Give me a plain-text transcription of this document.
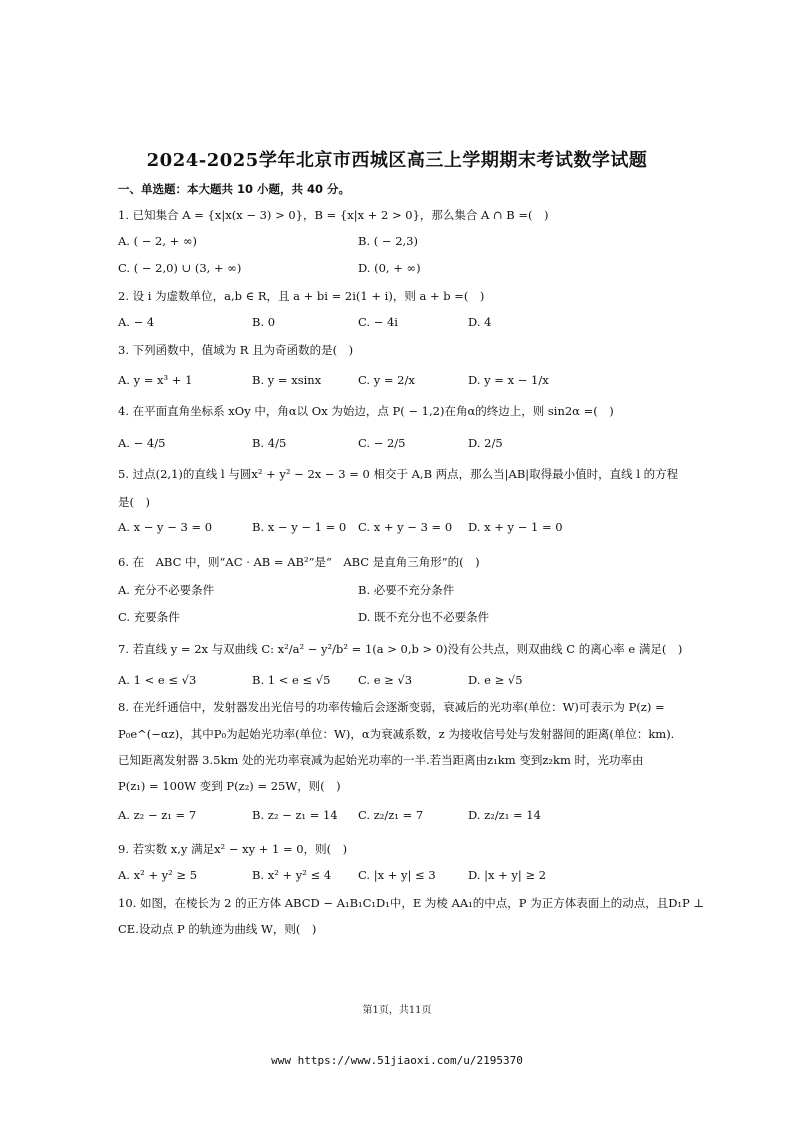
2024-2025学年北京市西城区高三上学期期末考试数学试题
一、单选题：本大题共 10 小题，共 40 分。
1. 已知集合 A = {x|x(x − 3) > 0}，B = {x|x + 2 > 0}，那么集合 A ∩ B =(　)
A. ( − 2, + ∞)	B. ( − 2,3)
C. ( − 2,0) ∪ (3, + ∞)	D. (0, + ∞)
2. 设 i 为虚数单位，a,b ∈ R，且 a + bi = 2i(1 + i)，则 a + b =(　)
A. − 4	B. 0	C. − 4i	D. 4
3. 下列函数中，值域为 R 且为奇函数的是(　)
A. y = x³ + 1	B. y = xsinx	C. y = 2/x	D. y = x − 1/x
4. 在平面直角坐标系 xOy 中，角α以 Ox 为始边，点 P( − 1,2)在角α的终边上，则 sin2α =(　)
A. − 4/5	B. 4/5	C. − 2/5	D. 2/5
5. 过点(2,1)的直线 l 与圆x² + y² − 2x − 3 = 0 相交于 A,B 两点，那么当|AB|取得最小值时，直线 l 的方程
是(　)
A. x − y − 3 = 0	B. x − y − 1 = 0 C. x + y − 3 = 0 D. x + y − 1 = 0
6. 在　ABC 中，则“AC · AB = AB²”是“　ABC 是直角三角形”的(　)
A. 充分不必要条件	B. 必要不充分条件
C. 充要条件	D. 既不充分也不必要条件
7. 若直线 y = 2x 与双曲线 C: x²/a² − y²/b² = 1(a > 0,b > 0)没有公共点，则双曲线 C 的离心率 e 满足(　)
A. 1 < e ≤ √3	B. 1 < e ≤ √5 C. e ≥ √3	D. e ≥ √5
8. 在光纤通信中，发射器发出光信号的功率传输后会逐渐变弱，衰减后的光功率(单位：W)可表示为 P(z) =
P₀e^(−αz)，其中P₀为起始光功率(单位：W)，α为衰减系数，z 为接收信号处与发射器间的距离(单位：km).
已知距离发射器 3.5km 处的光功率衰减为起始光功率的一半.若当距离由z₁km 变到z₂km 时，光功率由
P(z₁) = 100W 变到 P(z₂) = 25W，则(　)
A. z₂ − z₁ = 7	B. z₂ − z₁ = 14 C. z₂/z₁ = 7	D. z₂/z₁ = 14
9. 若实数 x,y 满足x² − xy + 1 = 0，则(　)
A. x² + y² ≥ 5	B. x² + y² ≤ 4 C. |x + y| ≤ 3	D. |x + y| ≥ 2
10. 如图，在棱长为 2 的正方体 ABCD − A₁B₁C₁D₁中，E 为棱 AA₁的中点，P 为正方体表面上的动点，且D₁P ⊥
CE.设动点 P 的轨迹为曲线 W，则(　)
第1页，共11页
www https://www.51jiaoxi.com/u/2195370
